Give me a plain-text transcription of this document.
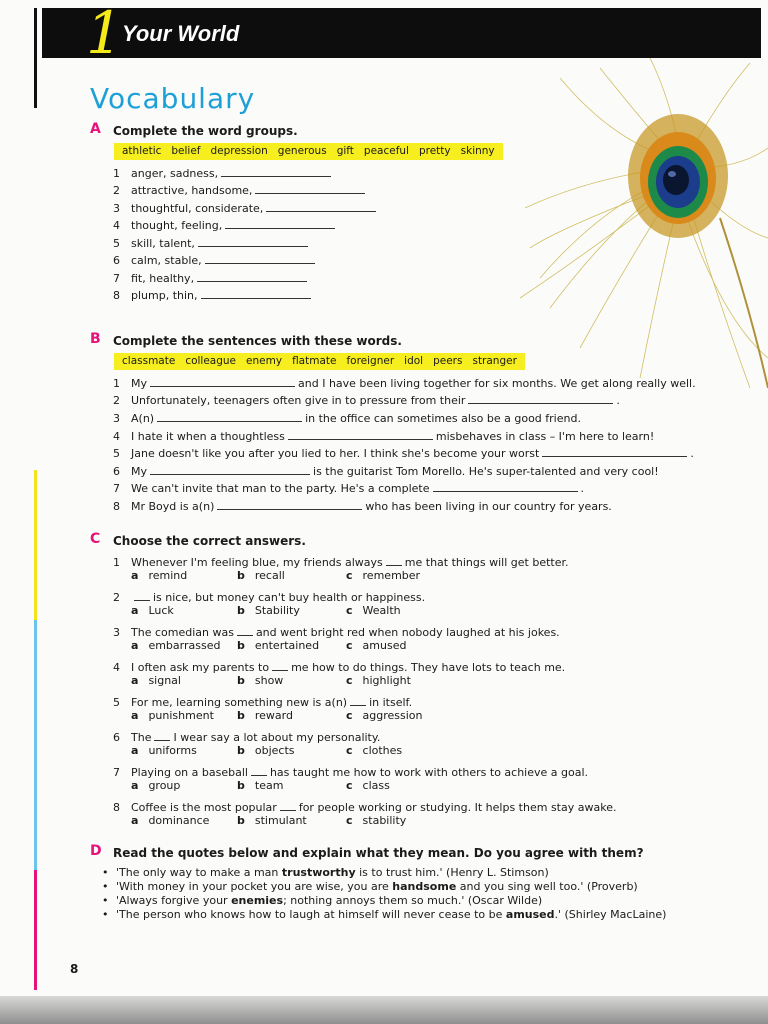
1 Your World
Vocabulary
A Complete the word groups.
athletic belief depression generous gift peaceful pretty skinny
1 anger, sadness,
2 attractive, handsome,
3 thoughtful, considerate,
4 thought, feeling,
5 skill, talent,
6 calm, stable,
7 fit, healthy,
8 plump, thin,
B Complete the sentences with these words.
classmate colleague enemy flatmate foreigner idol peers stranger
1 My	and I have been living together for six months. We get along really well.
2 Unfortunately, teenagers often give in to pressure from their	.
3 A(n)	in the office can sometimes also be a good friend.
4 I hate it when a thoughtless	misbehaves in class – I'm here to learn!
5 Jane doesn't like you after you lied to her. I think she's become your worst	.
6 My	is the guitarist Tom Morello. He's super-talented and very cool!
7 We can't invite that man to the party. He's a complete	.
8 Mr Boyd is a(n)	who has been living in our country for years.
C Choose the correct answers.
1 Whenever I'm feeling blue, my friends always me that things will get better.
a remind	b recall	c remember
2	is nice, but money can't buy health or happiness.
a Luck	b Stability	c Wealth
3 The comedian was and went bright red when nobody laughed at his jokes.
a embarrassed b entertained c amused
4 I often ask my parents to me how to do things. They have lots to teach me.
a signal	b show	c highlight
5 For me, learning something new is a(n) in itself.
a punishment b reward	c aggression
6 The I wear say a lot about my personality.
a uniforms	b objects	c clothes
7 Playing on a baseball has taught me how to work with others to achieve a goal.
a group	b team	c class
8 Coffee is the most popular for people working or studying. It helps them stay awake.
a dominance	b stimulant	c stability
D Read the quotes below and explain what they mean. Do you agree with them?
• 'The only way to make a man trustworthy is to trust him.' (Henry L. Stimson)
• 'With money in your pocket you are wise, you are handsome and you sing well too.' (Proverb)
• 'Always forgive your enemies; nothing annoys them so much.' (Oscar Wilde)
• 'The person who knows how to laugh at himself will never cease to be amused.' (Shirley MacLaine)
8
